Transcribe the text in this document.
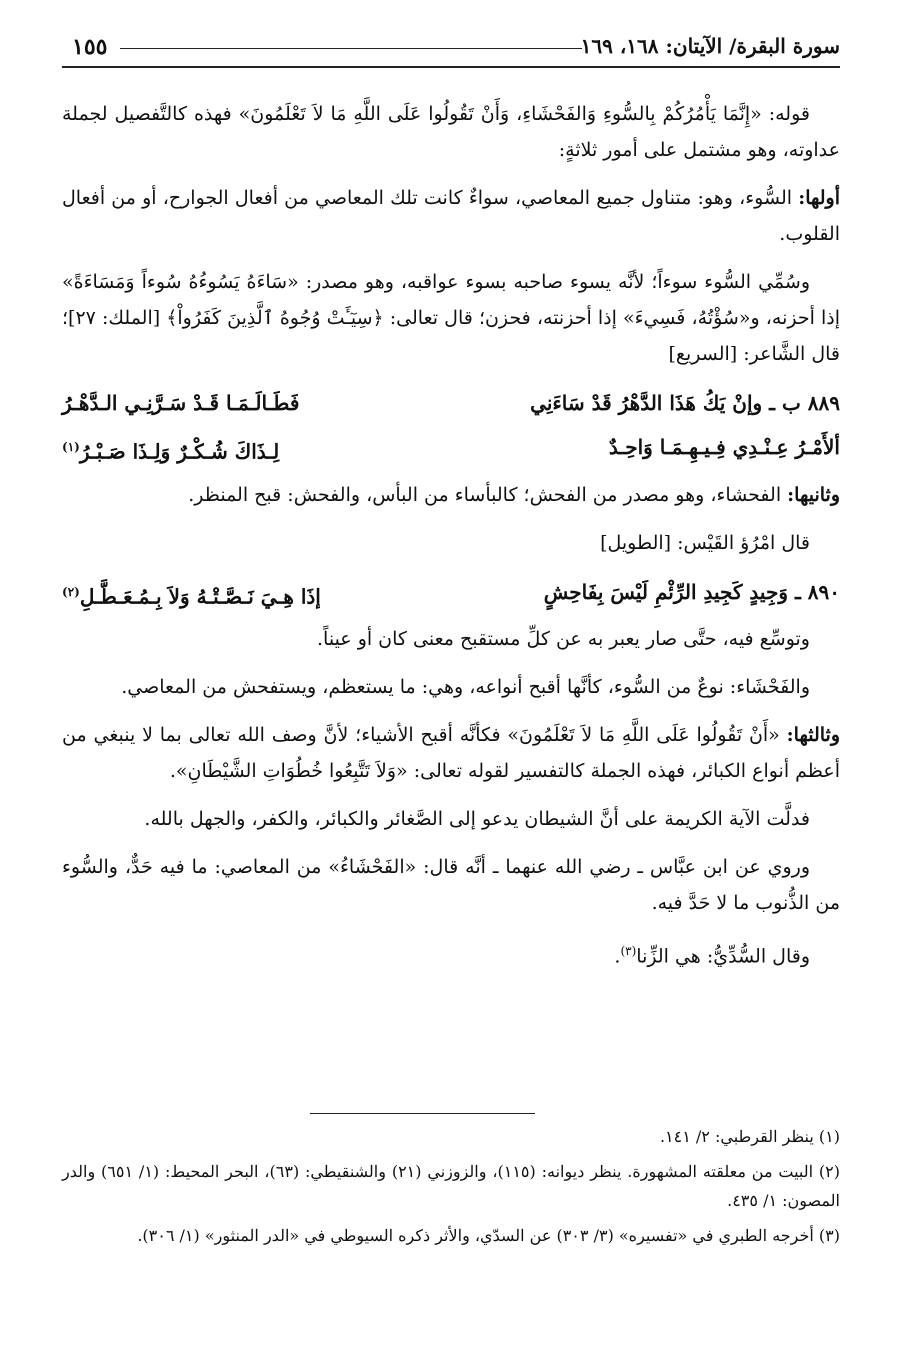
١٥٥	سورة البقرة/ الآيتان: ١٦٨، ١٦٩

قوله: «إِنَّمَا يَأْمُرُكُمْ بِالسُّوءِ وَالفَحْشَاءِ، وَأَنْ تَقُولُوا عَلَى اللَّهِ مَا لاَ تَعْلَمُونَ» فهذه كالتَّفصيل لجملة عداوته، وهو مشتمل على أمور ثلاثةٍ:

أولها: السُّوء، وهو: متناول جميع المعاصي، سواءٌ كانت تلك المعاصي من أفعال الجوارح، أو من أفعال القلوب.

وسُمِّي السُّوء سوءاً؛ لأنَّه يسوء صاحبه بسوء عواقبه، وهو مصدر: «سَاءَهُ يَسُوءُهُ سُوءاً وَمَسَاءَةً» إذا أحزنه، و«سُؤْتُهُ، فَسِيءَ» إذا أحزنته، فحزن؛ قال تعالى: ﴿سِيٓـَٔتْ وُجُوهُ ٱلَّذِينَ كَفَرُواْ﴾ [الملك: ٢٧]؛ قال الشَّاعر: [السريع]

٨٨٩ ب ـ وإنْ يَكُ هَذَا الدَّهْرُ قَدْ سَاءَنِي
فَطَـالَـمَـا قَـدْ سَـرَّنِـي الـدَّهْـرُ
ألأَمْـرُ عِـنْـدِي فِـيـهِـمَـا وَاحِـدٌ
لِـذَاكَ شُـكْـرٌ وَلِـذَا صَـبْـرُ$^{(١)}$

وثانيها: الفحشاء، وهو مصدر من الفحش؛ كالبأساء من البأس، والفحش: قبح المنظر.

قال امْرُؤ القَيْس: [الطويل]

٨٩٠ ـ وَجِيدٍ كَجِيدِ الرِّئْمِ لَيْسَ بِفَاحِشٍ
إذَا هِـيَ نَـصَّـتْـهُ وَلاَ بِـمُـعَـطَّـلِ$^{(٢)}$

وتوسِّع فيه، حتَّى صار يعبر به عن كلِّ مستقبح معنى كان أو عيناً.

والفَحْشَاء: نوعٌ من السُّوء، كأنَّها أقبح أنواعه، وهي: ما يستعظم، ويستفحش من المعاصي.

وثالثها: «أَنْ تَقُولُوا عَلَى اللَّهِ مَا لاَ تَعْلَمُونَ» فكأنَّه أقبح الأشياء؛ لأنَّ وصف الله تعالى بما لا ينبغي من أعظم أنواع الكبائر، فهذه الجملة كالتفسير لقوله تعالى: «وَلاَ تَتَّبِعُوا خُطُوَاتِ الشَّيْطَانِ».

فدلَّت الآية الكريمة على أنَّ الشيطان يدعو إلى الصَّغائر والكبائر، والكفر، والجهل بالله.

وروي عن ابن عبَّاس ـ رضي الله عنهما ـ أنَّه قال: «الفَحْشَاءُ» من المعاصي: ما فيه حَدٌّ، والسُّوء من الذُّنوب ما لا حَدَّ فيه.

وقال السُّدِّيُّ: هي الزِّنا$^{(٣)}$.

(١) ينظر القرطبي: ٢/ ١٤١.

(٢) البيت من معلقته المشهورة. ينظر ديوانه: (١١٥)، والزوزني (٢١) والشنقيطي: (٦٣)، البحر المحيط: (١/ ٦٥١) والدر المصون: ١/ ٤٣٥.

(٣) أخرجه الطبري في «تفسيره» (٣/ ٣٠٣) عن السدّي، والأثر ذكره السيوطي في «الدر المنثور» (١/ ٣٠٦).
